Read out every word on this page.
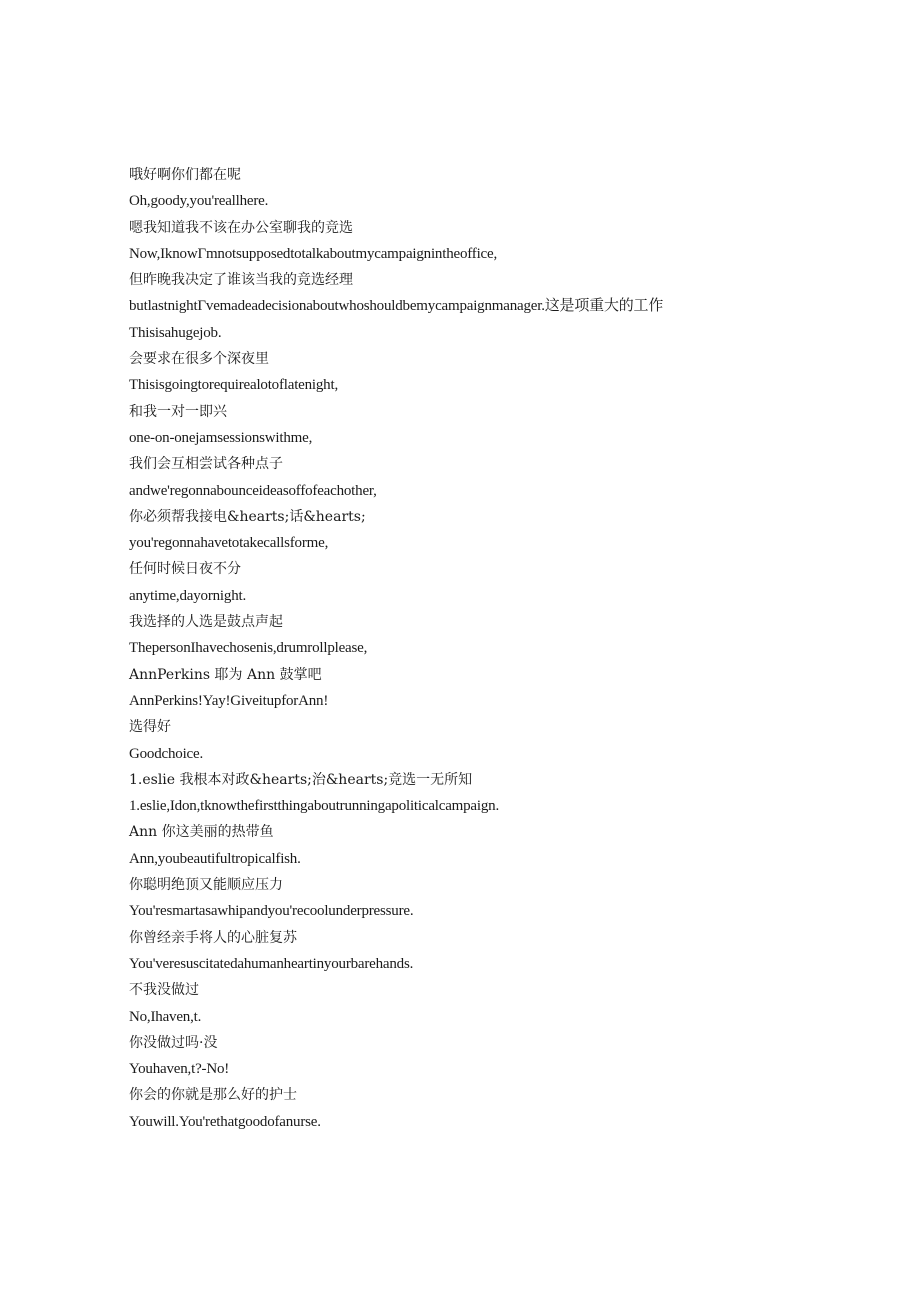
哦好啊你们都在呢
Oh,goody,you'reallhere.
嗯我知道我不该在办公室聊我的竞选
Now,IknowΓmnotsupposedtotalkaboutmycampaignintheoffice,
但昨晚我决定了谁该当我的竞选经理
butlastnightΓvemadeadecisionaboutwhoshouldbemycampaignmanager.这是项重大的工作
Thisisahugejob.
会要求在很多个深夜里
Thisisgoingtorequirealotoflatenight,
和我一对一即兴
one-on-onejamsessionswithme,
我们会互相尝试各种点子
andwe'regonnabounceideasoffofeachother,
你必须帮我接电&hearts;话&hearts;
you'regonnahavetotakecallsforme,
任何时候日夜不分
anytime,dayornight.
我选择的人选是鼓点声起
ThepersonIhavechosenis,drumrollplease,
AnnPerkins 耶为 Ann 鼓掌吧
AnnPerkins!Yay!GiveitupforAnn!
选得好
Goodchoice.
1.eslie 我根本对政&hearts;治&hearts;竞选一无所知
1.eslie,Idon,tknowthefirstthingaboutrunningapoliticalcampaign.
Ann 你这美丽的热带鱼
Ann,youbeautifultropicalfish.
你聪明绝顶又能顺应压力
You'resmartasawhipandyou'recoolunderpressure.
你曾经亲手将人的心脏复苏
You'veresuscitatedahumanheartinyourbarehands.
不我没做过
No,Ihaven,t.
你没做过吗·没
Youhaven,t?-No!
你会的你就是那么好的护士
Youwill.You'rethatgoodofanurse.
